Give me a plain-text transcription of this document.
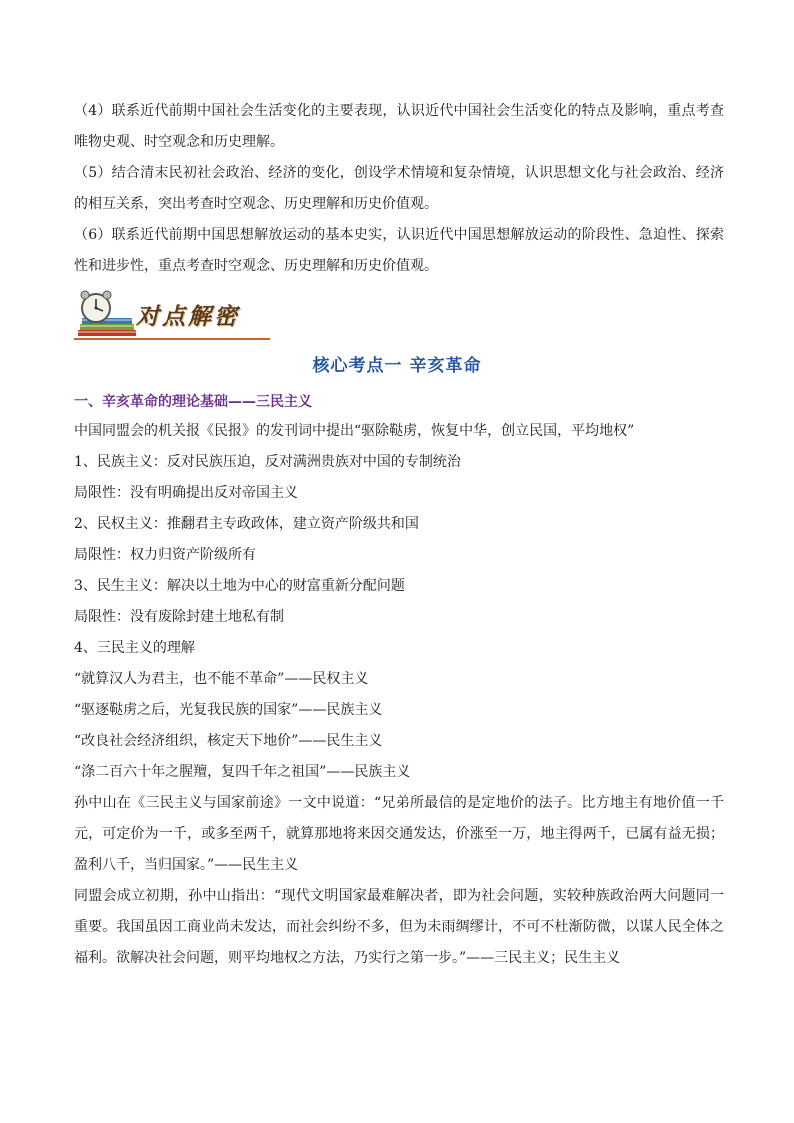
（4）联系近代前期中国社会生活变化的主要表现，认识近代中国社会生活变化的特点及影响，重点考查唯物史观、时空观念和历史理解。
（5）结合清末民初社会政治、经济的变化，创设学术情境和复杂情境，认识思想文化与社会政治、经济的相互关系，突出考查时空观念、历史理解和历史价值观。
（6）联系近代前期中国思想解放运动的基本史实，认识近代中国思想解放运动的阶段性、急迫性、探索性和进步性，重点考查时空观念、历史理解和历史价值观。
对点解密
核心考点一 辛亥革命
一、辛亥革命的理论基础——三民主义
中国同盟会的机关报《民报》的发刊词中提出“驱除鞑虏，恢复中华，创立民国，平均地权”
1、民族主义：反对民族压迫，反对满洲贵族对中国的专制统治
局限性：没有明确提出反对帝国主义
2、民权主义：推翻君主专政政体，建立资产阶级共和国
局限性：权力归资产阶级所有
3、民生主义：解决以土地为中心的财富重新分配问题
局限性：没有废除封建土地私有制
4、三民主义的理解
“就算汉人为君主，也不能不革命”——民权主义
“驱逐鞑虏之后，光复我民族的国家”——民族主义
“改良社会经济组织，核定天下地价”——民生主义
“涤二百六十年之腥羶，复四千年之祖国”——民族主义
孙中山在《三民主义与国家前途》一文中说道：“兄弟所最信的是定地价的法子。比方地主有地价值一千元，可定价为一千，或多至两千，就算那地将来因交通发达，价涨至一万，地主得两千，已属有益无损；盈利八千，当归国家。”——民生主义
同盟会成立初期，孙中山指出：“现代文明国家最难解决者，即为社会问题，实较种族政治两大问题同一重要。我国虽因工商业尚未发达，而社会纠纷不多，但为未雨绸缪计，不可不杜渐防微，以谋人民全体之福利。欲解决社会问题，则平均地权之方法，乃实行之第一步。”——三民主义；民生主义
